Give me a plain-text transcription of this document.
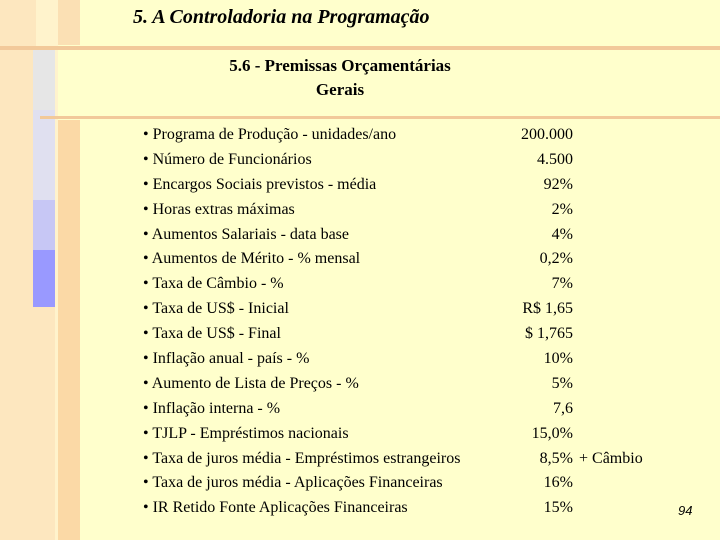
5. A Controladoria na Programação
5.6 - Premissas Orçamentárias
Gerais
• Programa de Produção - unidades/ano	200.000
• Número de Funcionários	4.500
• Encargos Sociais previstos - média	92%
• Horas extras máximas	2%
• Aumentos Salariais - data base	4%
• Aumentos de Mérito - % mensal	0,2%
• Taxa de Câmbio - %	7%
• Taxa de US$ - Inicial	R$ 1,65
• Taxa de US$ - Final	$ 1,765
• Inflação anual - país - %	10%
• Aumento de Lista de Preços - %	5%
• Inflação interna - %	7,6
• TJLP - Empréstimos nacionais	15,0%
• Taxa de juros média - Empréstimos estrangeiros	8,5% + Câmbio
• Taxa de juros média - Aplicações Financeiras	16%
• IR Retido Fonte Aplicações Financeiras	15%	94
